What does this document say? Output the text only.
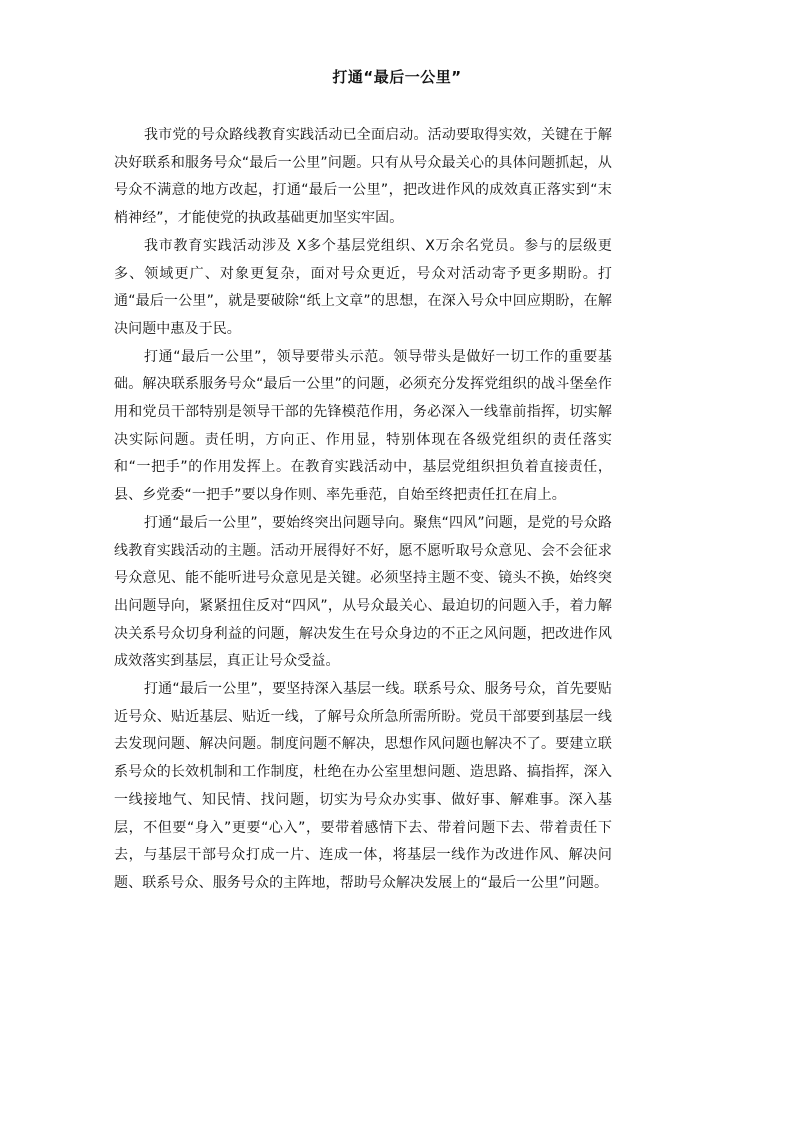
打通“最后一公里”

我市党的号众路线教育实践活动已全面启动。活动要取得实效，关键在于解决好联系和服务号众“最后一公里”问题。只有从号众最关心的具体问题抓起，从号众不满意的地方改起，打通“最后一公里”，把改进作风的成效真正落实到“末梢神经”，才能使党的执政基础更加坚实牢固。

我市教育实践活动涉及 X多个基层党组织、X万余名党员。参与的层级更多、领域更广、对象更复杂，面对号众更近，号众对活动寄予更多期盼。打通“最后一公里”，就是要破除“纸上文章”的思想，在深入号众中回应期盼，在解决问题中惠及于民。

打通“最后一公里”，领导要带头示范。领导带头是做好一切工作的重要基础。解决联系服务号众“最后一公里”的问题，必须充分发挥党组织的战斗堡垒作用和党员干部特别是领导干部的先锋模范作用，务必深入一线靠前指挥，切实解决实际问题。责任明，方向正、作用显，特别体现在各级党组织的责任落实和“一把手”的作用发挥上。在教育实践活动中，基层党组织担负着直接责任，县、乡党委“一把手”要以身作则、率先垂范，自始至终把责任扛在肩上。

打通“最后一公里”，要始终突出问题导向。聚焦“四风”问题，是党的号众路线教育实践活动的主题。活动开展得好不好，愿不愿听取号众意见、会不会征求号众意见、能不能听进号众意见是关键。必须坚持主题不变、镜头不换，始终突出问题导向，紧紧扭住反对“四风”，从号众最关心、最迫切的问题入手，着力解决关系号众切身利益的问题，解决发生在号众身边的不正之风问题，把改进作风成效落实到基层，真正让号众受益。

打通“最后一公里”，要坚持深入基层一线。联系号众、服务号众，首先要贴近号众、贴近基层、贴近一线，了解号众所急所需所盼。党员干部要到基层一线去发现问题、解决问题。制度问题不解决，思想作风问题也解决不了。要建立联系号众的长效机制和工作制度，杜绝在办公室里想问题、造思路、搞指挥，深入一线接地气、知民情、找问题，切实为号众办实事、做好事、解难事。深入基层，不但要“身入”更要“心入”，要带着感情下去、带着问题下去、带着责任下去，与基层干部号众打成一片、连成一体，将基层一线作为改进作风、解决问题、联系号众、服务号众的主阵地，帮助号众解决发展上的“最后一公里”问题。
